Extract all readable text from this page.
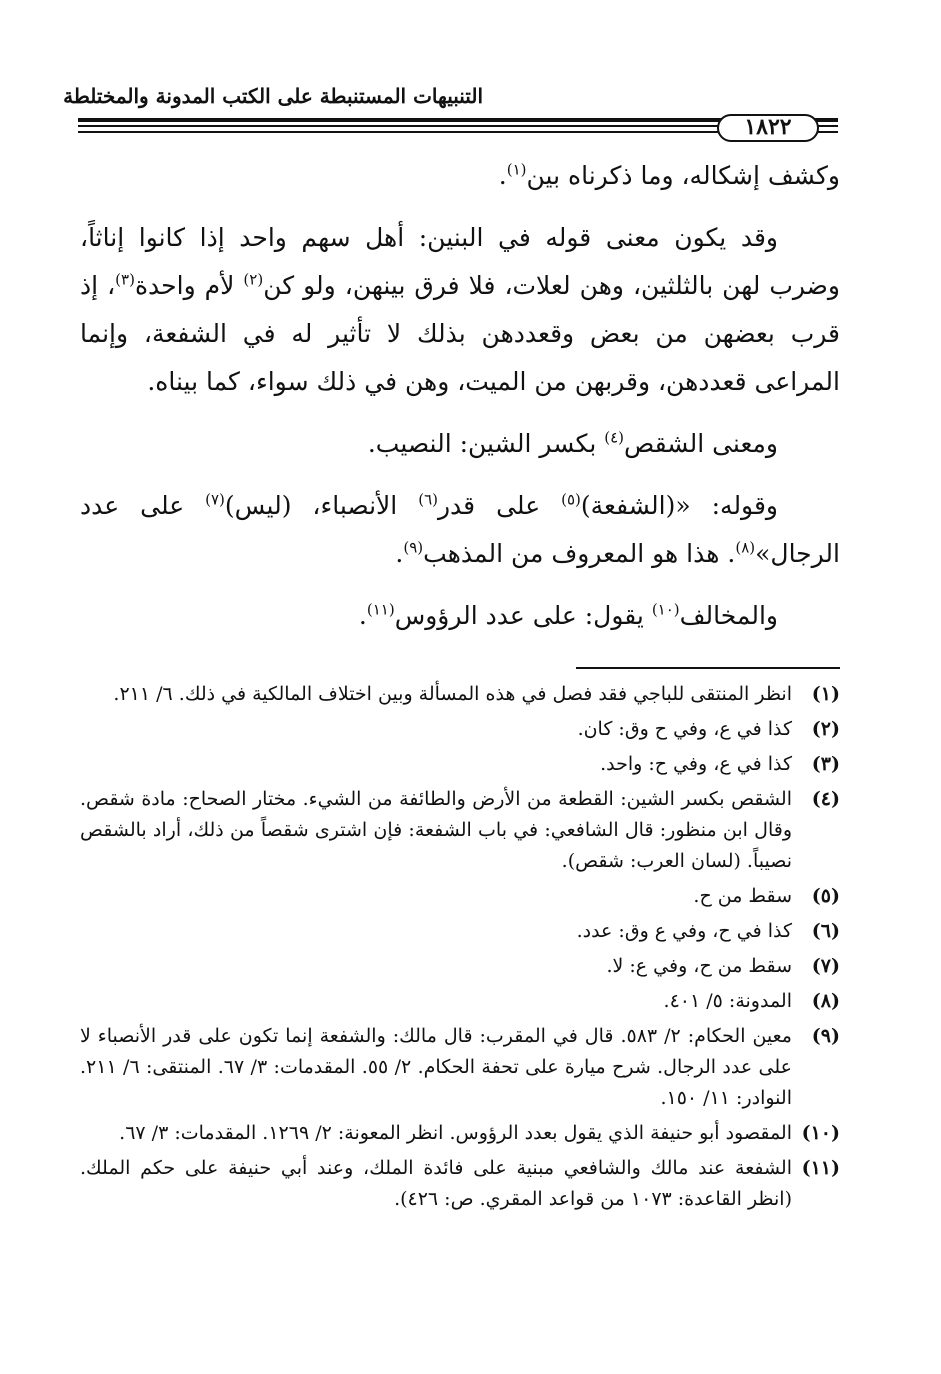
التنبيهات المستنبطة على الكتب المدونة والمختلطة
١٨٢٢

وكشف إشكاله، وما ذكرناه بين$^{(١)}$.

وقد يكون معنى قوله في البنين: أهل سهم واحد إذا كانوا إناثاً، وضرب لهن بالثلثين، وهن لعلات، فلا فرق بينهن، ولو كن$^{(٢)}$ لأم واحدة$^{(٣)}$، إذ قرب بعضهن من بعض وقعددهن بذلك لا تأثير له في الشفعة، وإنما المراعى قعددهن، وقربهن من الميت، وهن في ذلك سواء، كما بيناه.

ومعنى الشقص$^{(٤)}$ بكسر الشين: النصيب.

وقوله: «(الشفعة)$^{(٥)}$ على قدر$^{(٦)}$ الأنصباء، (ليس)$^{(٧)}$ على عدد الرجال»$^{(٨)}$. هذا هو المعروف من المذهب$^{(٩)}$.

والمخالف$^{(١٠)}$ يقول: على عدد الرؤوس$^{(١١)}$.

(١)
انظر المنتقى للباجي فقد فصل في هذه المسألة وبين اختلاف المالكية في ذلك. ٦/ ٢١١.
(٢)
كذا في ع، وفي ح وق: كان.
(٣)
كذا في ع، وفي ح: واحد.
(٤)
الشقص بكسر الشين: القطعة من الأرض والطائفة من الشيء. مختار الصحاح: مادة شقص. وقال ابن منظور: قال الشافعي: في باب الشفعة: فإن اشترى شقصاً من ذلك، أراد بالشقص نصيباً. (لسان العرب: شقص).
(٥)
سقط من ح.
(٦)
كذا في ح، وفي ع وق: عدد.
(٧)
سقط من ح، وفي ع: لا.
(٨)
المدونة: ٥/ ٤٠١.
(٩)
معين الحكام: ٢/ ٥٨٣. قال في المقرب: قال مالك: والشفعة إنما تكون على قدر الأنصباء لا على عدد الرجال. شرح ميارة على تحفة الحكام. ٢/ ٥٥. المقدمات: ٣/ ٦٧. المنتقى: ٦/ ٢١١. النوادر: ١١/ ١٥٠.
(١٠)
المقصود أبو حنيفة الذي يقول بعدد الرؤوس. انظر المعونة: ٢/ ١٢٦٩. المقدمات: ٣/ ٦٧.
(١١)
الشفعة عند مالك والشافعي مبنية على فائدة الملك، وعند أبي حنيفة على حكم الملك. (انظر القاعدة: ١٠٧٣ من قواعد المقري. ص: ٤٢٦).
